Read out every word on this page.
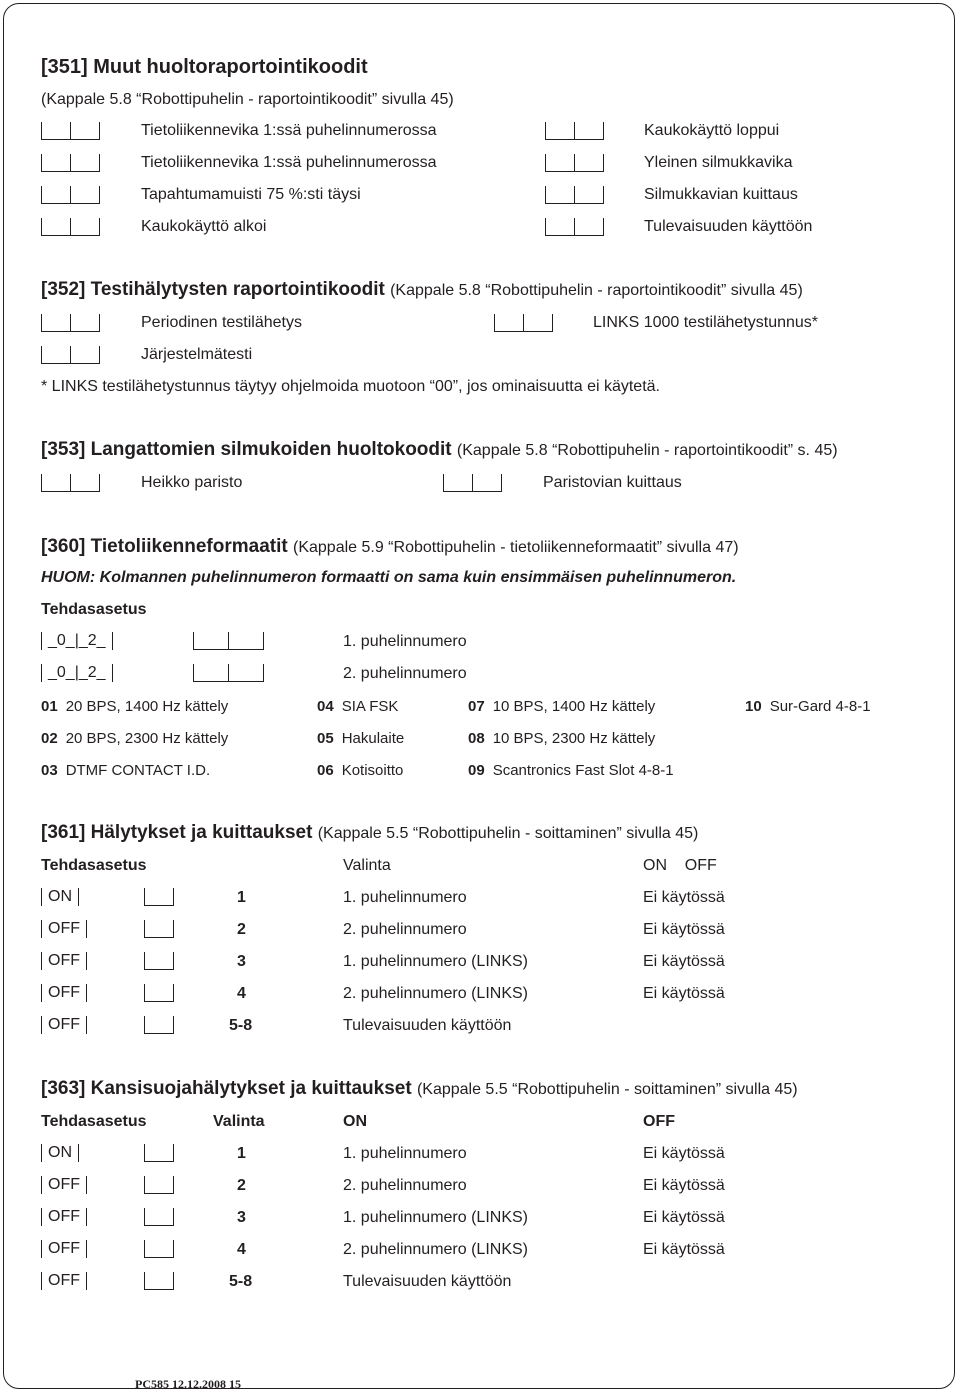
[351] Muut huoltoraportointikoodit
(Kappale 5.8 “Robottipuhelin - raportointikoodit” sivulla 45)
Tietoliikennevika 1:ssä puhelinnumerossa	Kaukokäyttö loppui
Tietoliikennevika 1:ssä puhelinnumerossa	Yleinen silmukkavika
Tapahtumamuisti 75 %:sti täysi	Silmukkavian kuittaus
Kaukokäyttö alkoi	Tulevaisuuden käyttöön
[352] Testihälytysten raportointikoodit (Kappale 5.8 “Robottipuhelin - raportointikoodit” sivulla 45)
Periodinen testilähetys	LINKS 1000 testilähetystunnus*
Järjestelmätesti
* LINKS testilähetystunnus täytyy ohjelmoida muotoon “00”, jos ominaisuutta ei käytetä.
[353] Langattomien silmukoiden huoltokoodit (Kappale 5.8 “Robottipuhelin - raportointikoodit” s. 45)
Heikko paristo	Paristovian kuittaus
[360] Tietoliikenneformaatit (Kappale 5.9 “Robottipuhelin - tietoliikenneformaatit” sivulla 47)
HUOM: Kolmannen puhelinnumeron formaatti on sama kuin ensimmäisen puhelinnumeron.
Tehdasasetus
_0_|_2_	1. puhelinnumero
_0_|_2_	2. puhelinnumero
01 20 BPS, 1400 Hz kättely	04 SIA FSK	07 10 BPS, 1400 Hz kättely	10 Sur-Gard 4-8-1
02 20 BPS, 2300 Hz kättely	05 Hakulaite	08 10 BPS, 2300 Hz kättely
03 DTMF CONTACT I.D.	06 Kotisoitto	09 Scantronics Fast Slot 4-8-1
[361] Hälytykset ja kuittaukset (Kappale 5.5 “Robottipuhelin - soittaminen” sivulla 45)
Tehdasasetus	Valinta	ON OFF
ON	1	1. puhelinnumero	Ei käytössä
OFF	2	2. puhelinnumero	Ei käytössä
OFF	3	1. puhelinnumero (LINKS)	Ei käytössä
OFF	4	2. puhelinnumero (LINKS)	Ei käytössä
OFF	5-8	Tulevaisuuden käyttöön
[363] Kansisuojahälytykset ja kuittaukset (Kappale 5.5 “Robottipuhelin - soittaminen” sivulla 45)
Tehdasasetus	Valinta	ON	OFF
ON	1	1. puhelinnumero	Ei käytössä
OFF	2	2. puhelinnumero	Ei käytössä
OFF	3	1. puhelinnumero (LINKS)	Ei käytössä
OFF	4	2. puhelinnumero (LINKS)	Ei käytössä
OFF	5-8	Tulevaisuuden käyttöön
PC585 12.12.2008 15
